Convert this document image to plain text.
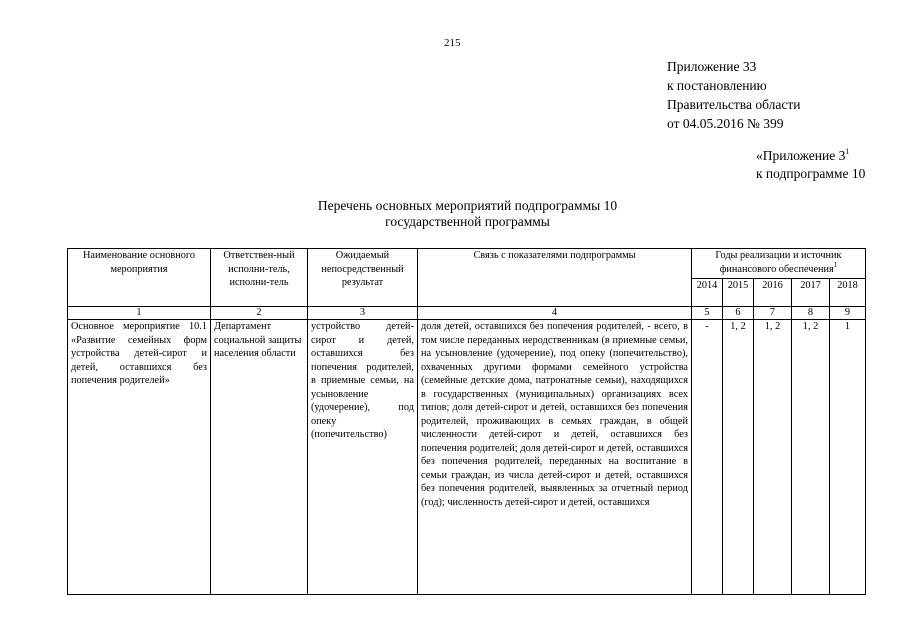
215
Приложение 33
к постановлению
Правительства области
от 04.05.2016 № 399
«Приложение $3^1$
к подпрограмме 10
Перечень основных мероприятий подпрограммы 10
государственной программы
Наименование основного мероприятия	Ответствен-ный исполни-тель, исполни-тель	Ожидаемый непосредственный результат	Связь с показателями подпрограммы	Годы реализации и источник финансового обеспечения$^1$
				2014	2015	2016	2017	2018
1	2	3	4	5	6	7	8	9
Основное мероприятие 10.1 «Развитие семейных форм устройства детей-сирот и детей, оставшихся без попечения родителей»	Департамент социальной защиты населения области	устройство детей-сирот и детей, оставшихся без попечения родителей, в приемные семьи, на усыновление (удочерение), под опеку (попечительство)	доля детей, оставшихся без попечения родителей, - всего, в том числе переданных неродственникам (в приемные семьи, на усыновление (удочерение), под опеку (попечительство), охваченных другими формами семейного устройства (семейные детские дома, патронатные семьи), находящихся в государственных (муниципальных) организациях всех типов; доля детей-сирот и детей, оставшихся без попечения родителей, проживающих в семьях граждан, в общей численности детей-сирот и детей, оставшихся без попечения родителей; доля детей-сирот и детей, оставшихся без попечения родителей, переданных на воспитание в семьи граждан, из числа детей-сирот и детей, оставшихся без попечения родителей, выявленных за отчетный период (год); численность детей-сирот и детей, оставшихся	-	1, 2	1, 2	1, 2	1
